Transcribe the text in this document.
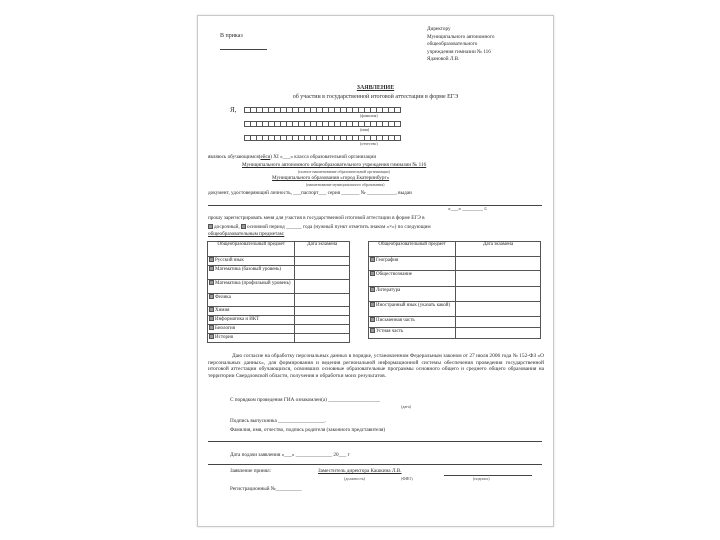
В приказ
Директору
Муниципального автономного
общеобразовательного
учреждения гимназии № 116
Ядановой Л.В.
ЗАЯВЛЕНИЕ
об участии в государственной итоговой аттестации в форме ЕГЭ
Я,
(фамилия)
(имя)
(отчество)
являюсь обучающимся(ейся) XI «___» класса образовательной организации
Муниципального автономного общеобразовательного учреждения гимназии № 116
(полное наименование образовательной организации)
Муниципального образования «город Екатеринбург»
(наименование муниципального образования)
документ, удостоверяющий личность, ___паспорт___ серия _______ № ___________, выдан
«___» ________ г.
прошу зарегистрировать меня для участия в государственной итоговой аттестации в форме ЕГЭ в
досрочный, основной период ______ года (нужный пункт отметить знаком «×») по следующим
общеобразовательным предметам:
Общеобразовательный предмет	Дата экзамена
Русский язык	
Математика (базовый уровень)	
Математика (профильный уровень)	
Физика	
Химия	
Информатика и ИКТ	
Биология	
История	
Общеобразовательный предмет	Дата экзамена
География	
Обществознание	
Литература	
Иностранный язык (указать какой)	
Письменная часть	
Устная часть	
Даю согласие на обработку персональных данных в порядке, установленном Федеральным законом от 27 июля 2006 года № 152-ФЗ «О персональных данных», для формирования и ведения региональной информационной системы обеспечения проведения государственной итоговой аттестации обучающихся, освоивших основные образовательные программы основного общего и среднего общего образования на территории Свердловской области, получения и обработки моих результатов.
С порядком проведения ГИА ознакомлен(а) ____________________
(дата)
Подпись выпускника __________________.
Фамилия, имя, отчество, подпись родителя (законного представителя)
Дата подачи заявления «___» ______________ 20___ г
Заявление принял:	Заместитель директора Кашкина Л.В.
(должность)	(ФИО)	(подпись)
Регистрационный №__________
